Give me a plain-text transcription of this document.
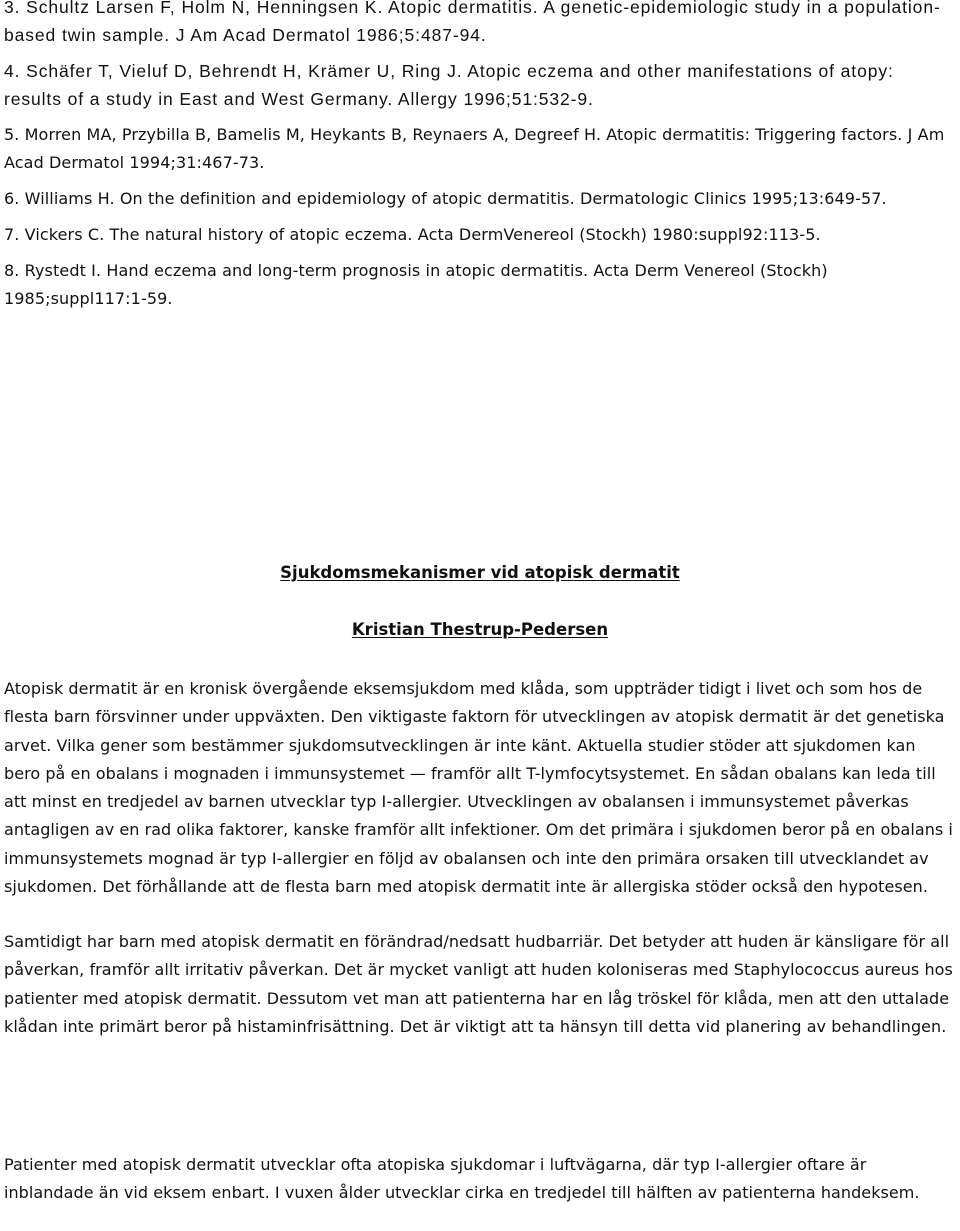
3. Schultz Larsen F, Holm N, Henningsen K. Atopic dermatitis. A genetic-epidemiologic study in a population-based twin sample. J Am Acad Dermatol 1986;5:487-94.

4. Schäfer T, Vieluf D, Behrendt H, Krämer U, Ring J. Atopic eczema and other manifestations of atopy: results of a study in East and West Germany. Allergy 1996;51:532-9.

5. Morren MA, Przybilla B, Bamelis M, Heykants B, Reynaers A, Degreef H. Atopic dermatitis: Triggering factors. J Am Acad Dermatol 1994;31:467-73.

6. Williams H. On the definition and epidemiology of atopic dermatitis. Dermatologic Clinics 1995;13:649-57.

7. Vickers C. The natural history of atopic eczema. Acta DermVenereol (Stockh) 1980:suppl92:113-5.

8. Rystedt I. Hand eczema and long-term prognosis in atopic dermatitis. Acta Derm Venereol (Stockh) 1985;suppl117:1-59.

Sjukdomsmekanismer vid atopisk dermatit
Kristian Thestrup-Pedersen

Atopisk dermatit är en kronisk övergående eksemsjukdom med klåda, som uppträder tidigt i livet och som hos de flesta barn försvinner under uppväxten. Den viktigaste faktorn för utvecklingen av atopisk dermatit är det genetiska arvet. Vilka gener som bestämmer sjukdomsutvecklingen är inte känt. Aktuella studier stöder att sjukdomen kan bero på en obalans i mognaden i immunsystemet — framför allt T-lymfocytsystemet. En sådan obalans kan leda till att minst en tredjedel av barnen utvecklar typ I-allergier. Utvecklingen av obalansen i immunsystemet påverkas antagligen av en rad olika faktorer, kanske framför allt infektioner. Om det primära i sjukdomen beror på en obalans i immunsystemets mognad är typ I-allergier en följd av obalansen och inte den primära orsaken till utvecklandet av sjukdomen. Det förhållande att de flesta barn med atopisk dermatit inte är allergiska stöder också den hypotesen.

Samtidigt har barn med atopisk dermatit en förändrad/nedsatt hudbarriär. Det betyder att huden är känsligare för all påverkan, framför allt irritativ påverkan. Det är mycket vanligt att huden koloniseras med Staphylococcus aureus hos patienter med atopisk dermatit. Dessutom vet man att patienterna har en låg tröskel för klåda, men att den uttalade klådan inte primärt beror på histaminfrisättning. Det är viktigt att ta hänsyn till detta vid planering av behandlingen.

Patienter med atopisk dermatit utvecklar ofta atopiska sjukdomar i luftvägarna, där typ I-allergier oftare är inblandade än vid eksem enbart. I vuxen ålder utvecklar cirka en tredjedel till hälften av patienterna handeksem.
